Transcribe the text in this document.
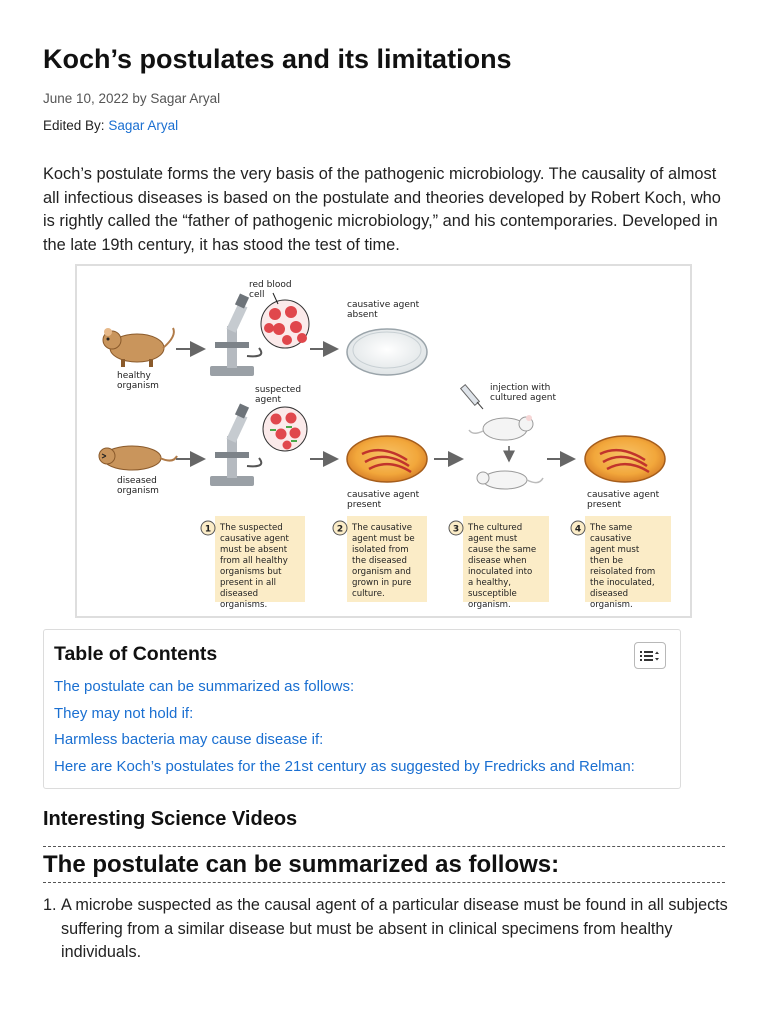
Koch’s postulates and its limitations
June 10, 2022 by Sagar Aryal
Edited By: Sagar Aryal

Koch’s postulate forms the very basis of the pathogenic microbiology. The causality of almost all infectious diseases is based on the postulate and theories developed by Robert Koch, who is rightly called the “father of pathogenic microbiology,” and his contemporaries. Developed in the late 19th century, it has stood the test of time.

red blood
cell
causative agent
absent
healthy
organism
diseased
organism
suspected
agent
causative agent
present
injection with
cultured agent
causative agent
present
1 The suspected causative agent must be absent from all healthy organisms but present in all diseased organisms.
2 The causative agent must be isolated from the diseased organism and grown in pure culture.
3 The cultured agent must cause the same disease when inoculated into a healthy, susceptible organism.
4 The same causative agent must then be reisolated from the inoculated, diseased organism.
Table of Contents
The postulate can be summarized as follows:
They may not hold if:
Harmless bacteria may cause disease if:
Here are Koch’s postulates for the 21st century as suggested by Fredricks and Relman:
Interesting Science Videos
The postulate can be summarized as follows:
1. A microbe suspected as the causal agent of a particular disease must be found in all subjects suffering from a similar disease but must be absent in clinical specimens from healthy individuals.
